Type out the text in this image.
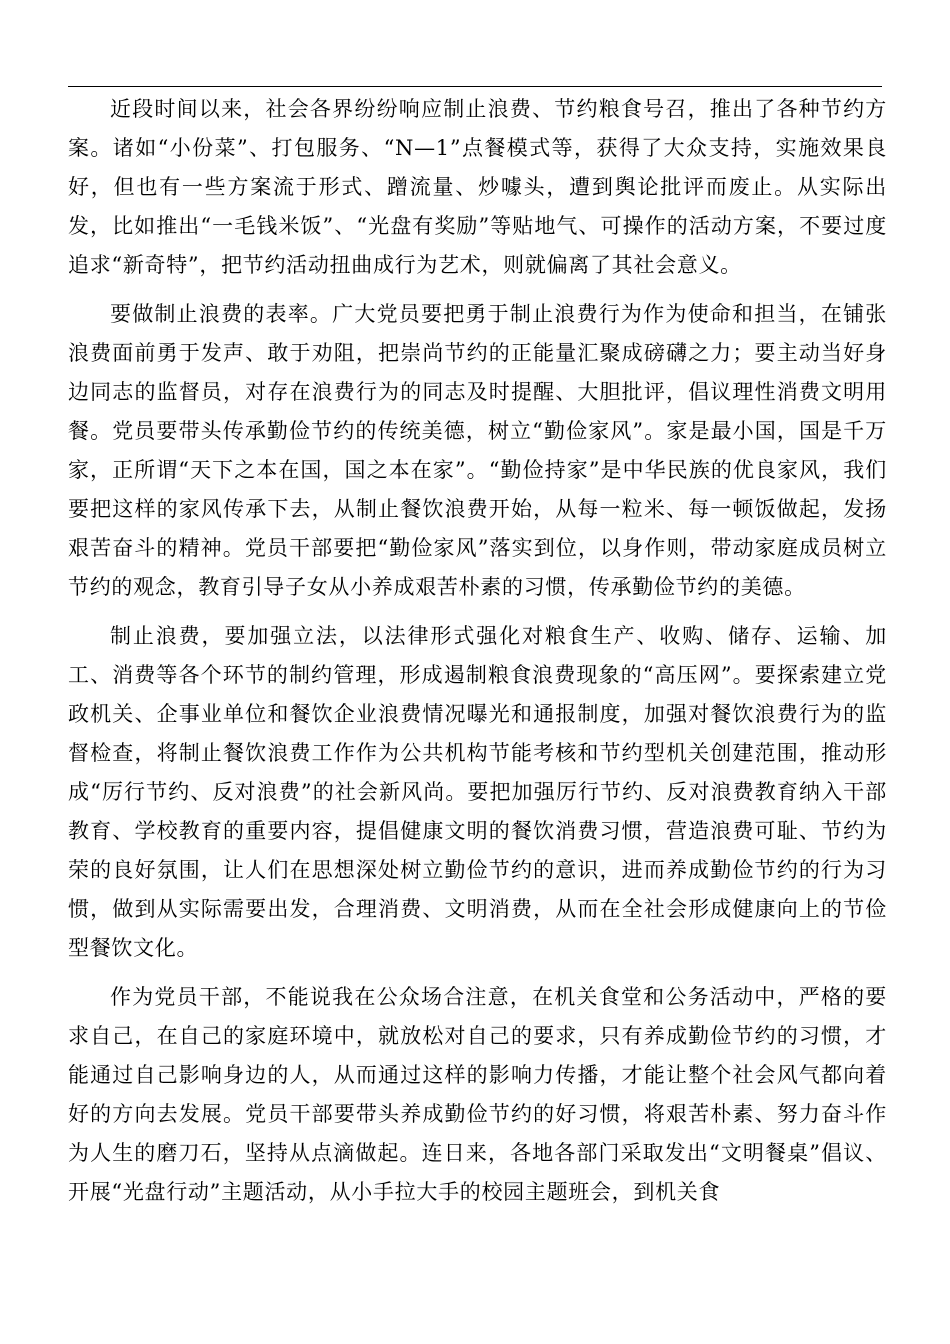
近段时间以来，社会各界纷纷响应制止浪费、节约粮食号召，推出了各种节约方案。诸如“小份菜”、打包服务、“N—1”点餐模式等，获得了大众支持，实施效果良好，但也有一些方案流于形式、蹭流量、炒噱头，遭到舆论批评而废止。从实际出发，比如推出“一毛钱米饭”、“光盘有奖励”等贴地气、可操作的活动方案，不要过度追求“新奇特”，把节约活动扭曲成行为艺术，则就偏离了其社会意义。

要做制止浪费的表率。广大党员要把勇于制止浪费行为作为使命和担当，在铺张浪费面前勇于发声、敢于劝阻，把崇尚节约的正能量汇聚成磅礴之力；要主动当好身边同志的监督员，对存在浪费行为的同志及时提醒、大胆批评，倡议理性消费文明用餐。党员要带头传承勤俭节约的传统美德，树立“勤俭家风”。家是最小国，国是千万家，正所谓“天下之本在国，国之本在家”。“勤俭持家”是中华民族的优良家风，我们要把这样的家风传承下去，从制止餐饮浪费开始，从每一粒米、每一顿饭做起，发扬艰苦奋斗的精神。党员干部要把“勤俭家风”落实到位，以身作则，带动家庭成员树立节约的观念，教育引导子女从小养成艰苦朴素的习惯，传承勤俭节约的美德。

制止浪费，要加强立法，以法律形式强化对粮食生产、收购、储存、运输、加工、消费等各个环节的制约管理，形成遏制粮食浪费现象的“高压网”。要探索建立党政机关、企事业单位和餐饮企业浪费情况曝光和通报制度，加强对餐饮浪费行为的监督检查，将制止餐饮浪费工作作为公共机构节能考核和节约型机关创建范围，推动形成“厉行节约、反对浪费”的社会新风尚。要把加强厉行节约、反对浪费教育纳入干部教育、学校教育的重要内容，提倡健康文明的餐饮消费习惯，营造浪费可耻、节约为荣的良好氛围，让人们在思想深处树立勤俭节约的意识，进而养成勤俭节约的行为习惯，做到从实际需要出发，合理消费、文明消费，从而在全社会形成健康向上的节俭型餐饮文化。

作为党员干部，不能说我在公众场合注意，在机关食堂和公务活动中，严格的要求自己，在自己的家庭环境中，就放松对自己的要求，只有养成勤俭节约的习惯，才能通过自己影响身边的人，从而通过这样的影响力传播，才能让整个社会风气都向着好的方向去发展。党员干部要带头养成勤俭节约的好习惯，将艰苦朴素、努力奋斗作为人生的磨刀石，坚持从点滴做起。连日来，各地各部门采取发出“文明餐桌”倡议、开展“光盘行动”主题活动，从小手拉大手的校园主题班会，到机关食
